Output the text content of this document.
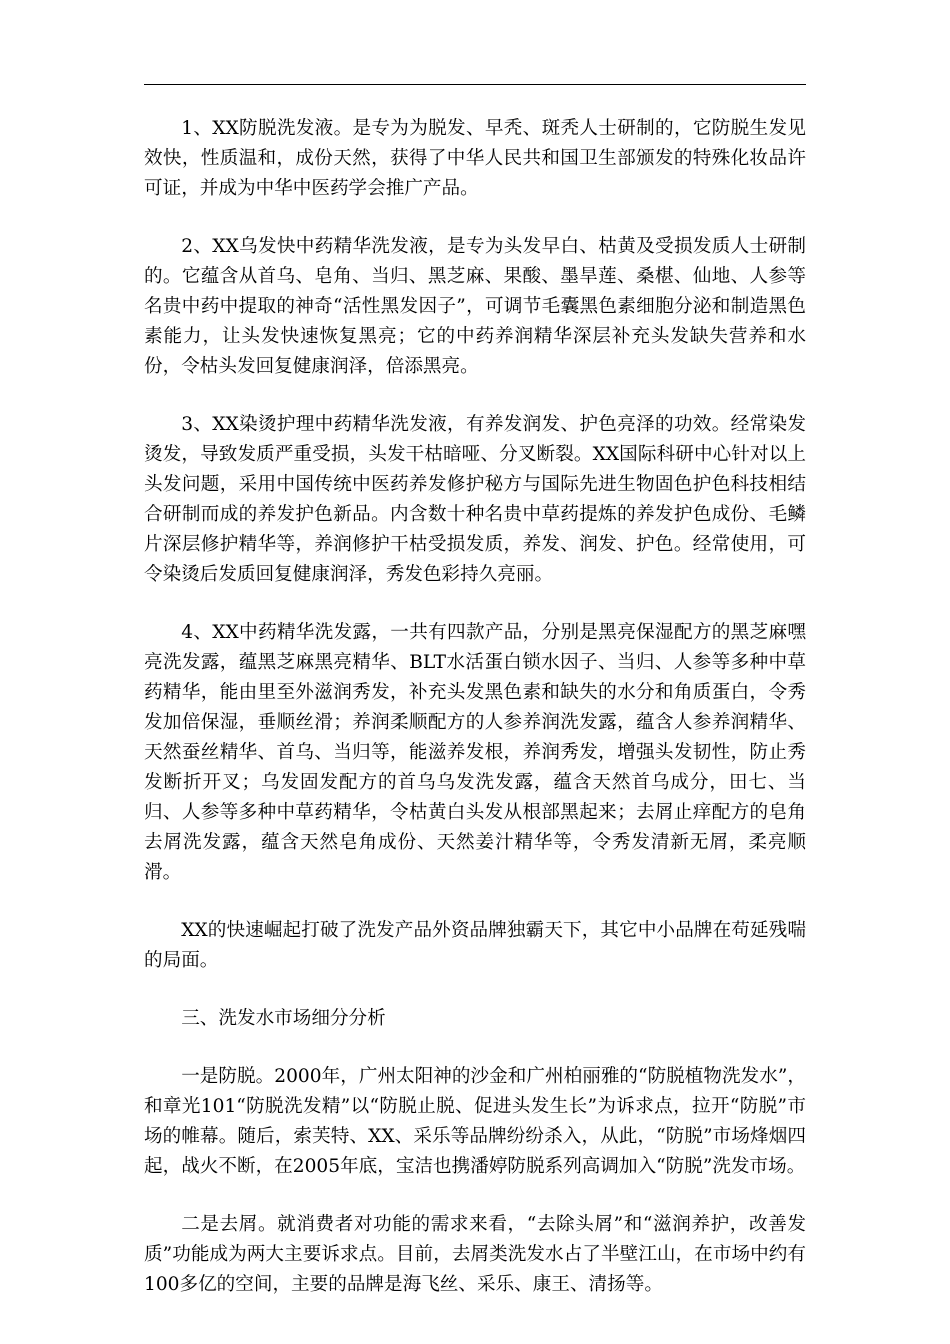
1、XX防脱洗发液。是专为为脱发、早秃、斑秃人士研制的，它防脱生发见效快，性质温和，成份天然，获得了中华人民共和国卫生部颁发的特殊化妆品许可证，并成为中华中医药学会推广产品。

2、XX乌发快中药精华洗发液，是专为头发早白、枯黄及受损发质人士研制的。它蕴含从首乌、皂角、当归、黑芝麻、果酸、墨旱莲、桑椹、仙地、人参等名贵中药中提取的神奇“活性黑发因子”，可调节毛囊黑色素细胞分泌和制造黑色素能力，让头发快速恢复黑亮；它的中药养润精华深层补充头发缺失营养和水份，令枯头发回复健康润泽，倍添黑亮。

3、XX染烫护理中药精华洗发液，有养发润发、护色亮泽的功效。经常染发烫发，导致发质严重受损，头发干枯暗哑、分叉断裂。XX国际科研中心针对以上头发问题，采用中国传统中医药养发修护秘方与国际先进生物固色护色科技相结合研制而成的养发护色新品。内含数十种名贵中草药提炼的养发护色成份、毛鳞片深层修护精华等，养润修护干枯受损发质，养发、润发、护色。经常使用，可令染烫后发质回复健康润泽，秀发色彩持久亮丽。

4、XX中药精华洗发露，一共有四款产品，分别是黑亮保湿配方的黑芝麻嘿亮洗发露，蕴黑芝麻黑亮精华、BLT水活蛋白锁水因子、当归、人参等多种中草药精华，能由里至外滋润秀发，补充头发黑色素和缺失的水分和角质蛋白，令秀发加倍保湿，垂顺丝滑；养润柔顺配方的人参养润洗发露，蕴含人参养润精华、天然蚕丝精华、首乌、当归等，能滋养发根，养润秀发，增强头发韧性，防止秀发断折开叉；乌发固发配方的首乌乌发洗发露，蕴含天然首乌成分，田七、当归、人参等多种中草药精华，令枯黄白头发从根部黑起来；去屑止痒配方的皂角去屑洗发露，蕴含天然皂角成份、天然姜汁精华等，令秀发清新无屑，柔亮顺滑。

XX的快速崛起打破了洗发产品外资品牌独霸天下，其它中小品牌在苟延残喘的局面。

三、洗发水市场细分分析

一是防脱。2000年，广州太阳神的沙金和广州柏丽雅的“防脱植物洗发水”，和章光101“防脱洗发精”以“防脱止脱、促进头发生长”为诉求点，拉开“防脱”市场的帷幕。随后，索芙特、XX、采乐等品牌纷纷杀入，从此，“防脱”市场烽烟四起，战火不断，在2005年底，宝洁也携潘婷防脱系列高调加入“防脱”洗发市场。

二是去屑。就消费者对功能的需求来看，“去除头屑”和“滋润养护，改善发质”功能成为两大主要诉求点。目前，去屑类洗发水占了半壁江山，在市场中约有100多亿的空间，主要的品牌是海飞丝、采乐、康王、清扬等。
